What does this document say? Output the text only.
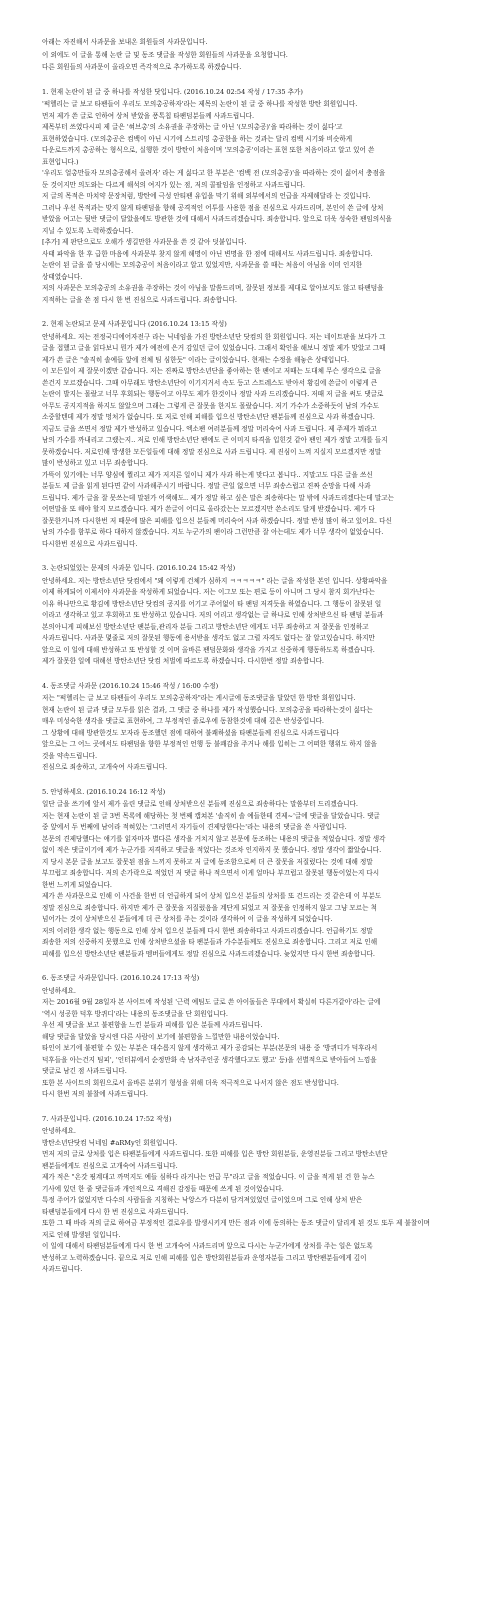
아래는 자진해서 사과문을 보내온 회원들의 사과문입니다.

이 외에도 이 글을 통해 논란 글 및 동조 댓글을 작성한 회원들의 사과문을 요청합니다.

다른 회원들의 사과문이 올라오면 즉각적으로 추가하도록 하겠습니다.

1. 현재 논란이 된 글 중 하나를 작성한 닷입니다. (2016.10.24 02:54 작성 / 17:35 추가)

'퍽헬리는 글 보고 타팬들이 우리도 모의총공하자'라는 제목의 논란이 된 글 중 하나를 작성한 방탄 회원입니다.

먼저 제가 쓴 글로 인하여 상처 받았을 퐁톡칩 타팬덤분들께 사과드립니다.

제목부터 쓰였다시피 제 글은 '혀브총'의 소유권을 주장하는 글 아닌 '(모의총공)'을 따라하는 것이 싫다'고

표현하였습니다. (모의총공은 컴백이 아닌 시기에 스트리밍 총공한을 하는 것과는 달리 컴백 시기와 비슷하게

다운로드까지 총공하는 형식으로, 실행한 것이 방탄이 처음이며 '모의총공'이라는 표현 또한 처음이라고 알고 있어 쓴

표현입니다.)

'우리도 얼총만들자 모의총공해서 올려자' 라는 게 싫다고 한 부분은 '컴백 전 (모의총공)'을 따라하는 것이 싫어서 충점을

둔 것이지만 의도와는 다르게 해석의 여지가 있는 점, 저의 콜팔임을 인정하고 사과드립니다.

저 글의 목적은 마치약 문장처럼, 방탄에 극성 안티팬 유입을 막기 위해 외부에서의 언급을 자제해달라 는 것입니다.

그러나 우선 목적과는 맞지 않게 타팬덤을 향해 공격적인 어투를 사용한 점을 진심으로 사과드리며, 본인이 쓴 글에 상처

받았을 여고는 뒷반 댓글이 달았을에도 방관한 것에 대해서 사과드리겠습니다. 죄송합니다. 앞으로 더욱 성숙한 팬임의식을

지닐 수 있도록 노력하겠습니다.

[추가] 제 판단으로도 오해가 생길만한 사과문을 쓴 것 같아 덧붙입니다.

사태 파악을 한 후 급한 마음에 사과문부 찾지 않게 해명이 아닌 변명을 한 점에 대해서도 사과드립니다. 죄송합니다.

논란이 된 글을 쓸 당시에는 모의총공이 처음이라고 알고 있었지만, 사과문을 쓸 때는 처음이 아님을 이미 인지한

상태였습니다.

저의 사과문은 모의총공의 소유권을 주장하는 것이 아님을 말씀드리며, 잘못된 정보를 제대로 알아보지도 않고 타팬덤을

지적하는 글을 쓴 점 다시 한 번 진심으로 사과드립니다. 죄송합니다.

2. 현재 논란되고 문제 사과문입니다 (2016.10.24 13:15 작성)

안녕하세요. 저는 전정국디에어자전구 라는 닉네임을 가진 방탄소년단 닷컴의 한 회원입니다. 저는 네이트판을 보다가 그

글을 접했고 글을 읽다보니 뭔가 제가 예전에 은거 감있던 글이 있었습니다. 그래서 확인을 해보니 정말 제가 맞았고 그때

제가 쓴 글은 "솔직히 솔예들 앞에 전체 팀 심한듯" 이라는 글이었습니다. 현재는 수정을 해놓은 상태입니다.

이 모든일이 제 잘못이겠만 같습니다. 저는 진짜로 방탄소년단을 좋아하는 한 팬이고 저때는 도대체 무슨 생각으로 글을

쓴건지 모르겠습니다. 그때 아무래도 방탄소년단이 이기지거서 속도 등고 스트레스도 받아서 황김에 쓴글이 이렇게 큰

논란이 발지는 몰랐고 너무 후회되는 행동이고 아무도 제가 한것이나 정말 사과 드리겠습니다. 저때 저 글을 써도 댓글로

아무도 공지지적을 하지도 않았으며 그래는 그렇게 큰 잘못을 한지도 몰랐습니다. 저기 가수가 소중하듯이 남의 가수도

소중할텐데 제가 정말 멍처가 없습니다. 또 저로 인해 피해를 입으신 방탄소년단 팬분들께 진심으로 사과 하겠습니다.

지금도 글을 쓰면서 정말 제가 반성하고 있습니다. 엑소팬 여러분들께 정말 머리숙여 사과 드립니다. 제 주제가 뭐라고

남의 가수를 까내리고 그랬는지.. 저로 인해 방탄소년단 팬에도 큰 이미지 타격을 입힌것 같아 팬인 제가 정말 고개를 들지

못하겠습니다. 저로인해 방생한 모든일들에 대해 정말 진심으로 사과 드립니다. 제 진심이 느껴 지실지 모르겠지만 정말

많이 반성하고 있고 너무 죄송합니다.

가뜩이 있기에는 너무 양심에 찔리고 제가 저지른 일이니 제가 사과 하는게 맞다고 봅니다.. 지말고도 다른 글을 쓰신

분들도 제 글을 읽게 된다면 같이 사과해주시기 바랍니다. 정말 큰일 없으면 너무 죄송스럽고 진짜 순망을 다해 사과

드립니다. 제가 글을 잘 못쓰는데 말된가 어색해도.. 제가 정말 하고 싶은 말은 죄송하다는 말 밖에 사과드리겠다는데 말고는

어떤말을 또 해야 할지 모르겠습니다. 제가 쓴글이 어디로 올라갔는는 모르겠지만 쓴소리도 달게 받겠습니다. 제가 다

잘못한거니까 다시한번 저 때문에 많은 피해를 입으신 분들께 머리숙여 사과 하겠습니다. 정말 반성 많이 하고 있어요. 다신

남의 가수를 함부로 하다 대하지 않겠습니다. 지도 누군가의 팬이라 그런만큼 잘 아는데도 제가 너무 생각이 없었습니다.

다시한번 진심으로 사과드립니다.

3. 논란되었있는 문제의 사과문 입니다. (2016.10.24 15:42 작성)

안녕하세요. 저는 방탄소년단 닷컴에서 "왜 이렇게 건체가 심하지 ㅋㅋㅋㅋㅋ" 라는 글을 작성한 본인 입니다. 상황파악을

이제 하게되어 이제서야 사과문을 작성하게 되었습니다. 저는 이그모 또는 편로 등이 아니며 그 당시 참지 회가난다는

이유 하나만으로 황김에 방탄소년단 닷컴의 공지를 어기고 주어없이 타 팬덤 저격듯을 하였습니다. 그 행동이 잘못된 일

이라고 생각하고 있고 후회하고 또 반성하고 있습니다. 저의 어리고 생각없는 글 하나로 인해 상처받으신 타 팬덤 분들과

본의아니게 피해보신 방탄소년단 팬분들,관리자 분들 그리고 방탄소년단 에게도 너무 죄송하고 저 잘못을 인정하고

사과드립니다. 사과문 몇줄로 저의 잘못된 행동에 용서받을 생각도 없고 그럴 자격도 없다는 잘 알고있습니다. 하지만

앞으로 이 일에 대해 반성하고 또 반성할 것 이며 올바른 팬덤문화와 생각을 가지고 신중하게 행동하도록 하겠습니다.

제가 잘못한 일에 대해선 방탄소년단 닷컴 처벌에 따르도록 하겠습니다. 다시한번 정말 죄송합니다.

4. 동조댓글 사과문 (2016.10.24 15:46 작성 / 16:00 수정)

저는 "퍽헬리는 글 보고 타팬들이 우리도 모의총공하자"라는 게시글에 동조댓글을 달았던 한 방탄 회원입니다.

현재 논란이 된 글과 댓글 모두를 읽은 결과, 그 댓글 중 하나를 제가 작성했습니다. 모의총공을 따라하는것이 싫다는

매우 미성숙한 생각을 댓글로 표현하여, 그 부정적인 졸로우에 동참한것에 대해 깊은 반성중입니다.

그 상황에 대해 방관한것도 모자라 동조했던 점에 대하여 불쾌하셨을 타팬분들께 진심으로 사과드립니다

앞으로는 그 어느 곳에서도 타팬덤을 향한 부정적인 언행 등 불쾌감을 주거나 해를 입히는 그 어떠한 행위도 하지 않을

것을 약속드립니다.

진심으로 죄송하고, 고개숙여 사과드립니다.

5. 안녕하세요. (2016.10.24 16:12 작성)

일단 글을 쓰기에 앞서 제가 올린 댓글로 인해 상처받으신 분들께 진심으로 죄송하다는 말씀부터 드리겠습니다.

저는 현재 논란이 된 글 3번 목록에 해당하는 첫 번째 캡쳐본 '솔직히 솔 예들한테 견제~'글에 댓글을 달았습니다. 댓글

중 앞에서 두 번째에 남이라 적혀있는 '그러면서 자기들이 견제당한다는'라는 내용의 댓글을 쓴 사람입니다.

본문의 견제당했다는 얘기를 읽자마자 별다른 생각을 거치지 않고 본문에 동조하는 내용의 댓글을 적었습니다. 정말 생각

없이 적은 댓글이기에 제가 누군가를 저격하고 댓글을 적었다는 것조차 인지하지 못 했습니다. 정말 생각이 짧았습니다.

지 당시 본문 글을 보고도 잘못된 점을 느끼지 못하고 저 글에 동조함으로써 더 큰 잘못을 저질렀다는 것에 대해 정말

부끄럽고 죄송합니다. 저의 손가락으로 적었던 저 댓글 하나 적으면서 이게 얼마나 부끄럽고 잘못된 행동이었는지 다시

한번 느끼게 되었습니다.

제가 쓴 사과문으로 인해 이 사건을 한번 더 언급하게 되어 상처 입으신 분들의 상처를 또 건드리는 것 같은데 이 부분도

정말 진심으로 죄송합니다. 하지만 제가 큰 잘못을 저질렀음을 계단게 되었고 저 잘못을 인정하지 않고 그냥 모르는 척

넘어가는 것이 상처받으신 분들에게 더 큰 상처를 주는 것이라 생각하여 이 글을 작성하게 되었습니다.

저의 이러한 생각 없는 행동으로 인해 상처 입으신 분들께 다시 한번 죄송하다고 사과드리겠습니다. 언급하기도 정말

죄송한 저의 신중하지 못했으로 인해 상처받으셨을 타 팬분들과 가수분들께도 진심으로 죄송합니다. 그리고 저로 인해

피해를 입으신 방탄소년단 팬분들과 멤버들에게도 정말 진심으로 사과드리겠습니다. 늦었지만 다시 한번 죄송합니다.

6. 동조댓글 사과문입니다. (2016.10.24 17:13 작성)

안녕하세요.

저는 2016월 9월 28일자 본 사이트에 작성된 '근력 예팀도 글로 쓴 아이돌들은 무대에서 확실히 다른거같아'라는 글에

'역시 성공한 덕후 방퀴디'라는 내용의 동조댓글을 단 회원입니다.

우선 제 댓글을 보고 불편함을 느낀 분들과 피해를 입은 분들께 사과드립니다.

해당 댓글을 달았을 당시엔 다른 사람이 보기에 불편함을 느낄만한 내용이었습니다.

타인이 보기에 불편할 수 있는 부분은 대수롭지 않게 생각하고 제가 공감되는 부분(본문의 내용 중 '방퀴디가 덕후라서

덕후들을 아는건지 팀피', '인터뷰에서 순정만화 속 남자주인공 생각했다고도 했고' 등)을 선별적으로 받아들여 느낌을

댓글로 남긴 점 사과드립니다.

또한 본 사이트의 회원으로서 올바른 분위기 형성을 위해 더욱 적극적으로 나서지 않은 점도 반성합니다.

다시 한번 저의 불찰에 사과드립니다.

7. 사과문입니다. (2016.10.24 17:52 작성)

안녕하세요.

방탄소년단닷컴 닉네임 #aRMy인 회원입니다.

먼저 저의 글로 상처를 입은 타팬분들에게 사과드립니다. 또한 피해를 입은 방탄 회원분들, 운영진분들 그리고 방탄소년단

팬분들에게도 진심으로 고개숙여 사과드립니다.

제가 적은 "온갓 핑계대고 까먹지도 예들 심하다 라거나는 언급 무"라고 글을 적었습니다. 이 글을 적게 된 건 한 뉴스

기사에 있던 한 줄 댓글들과 개인적으로 격해진 감정들 때문에 쓰게 된 것이었습니다.

특정 주어가 없었지만 다수의 사람들을 지칭하는 낙앙스가 다분히 담겨져있었던 글이었으며 그로 인해 상처 받은

타팬덤분들에게 다시 한 번 진심으로 사과드립니다.

또한 그 때 바라 저의 글로 하여금 부정적인 결로우를 발생시키게 만든 점과 이에 동의하는 동조 댓글이 달리게 된 것도 또두 제 불찰이며

저로 인해 발생된 일입니다.

이 일에 대해서 타팬덤분들에게 다시 한 번 고개숙여 사과드리며 앞으로 다시는 누군가에게 상처를 주는 일은 없도록

반성하고 노력하겠습니다. 끝으로 저로 인해 피해를 입은 방탄회원분들과 운영자분들 그리고 방탄팬분들에게 깊이

사과드립니다.
